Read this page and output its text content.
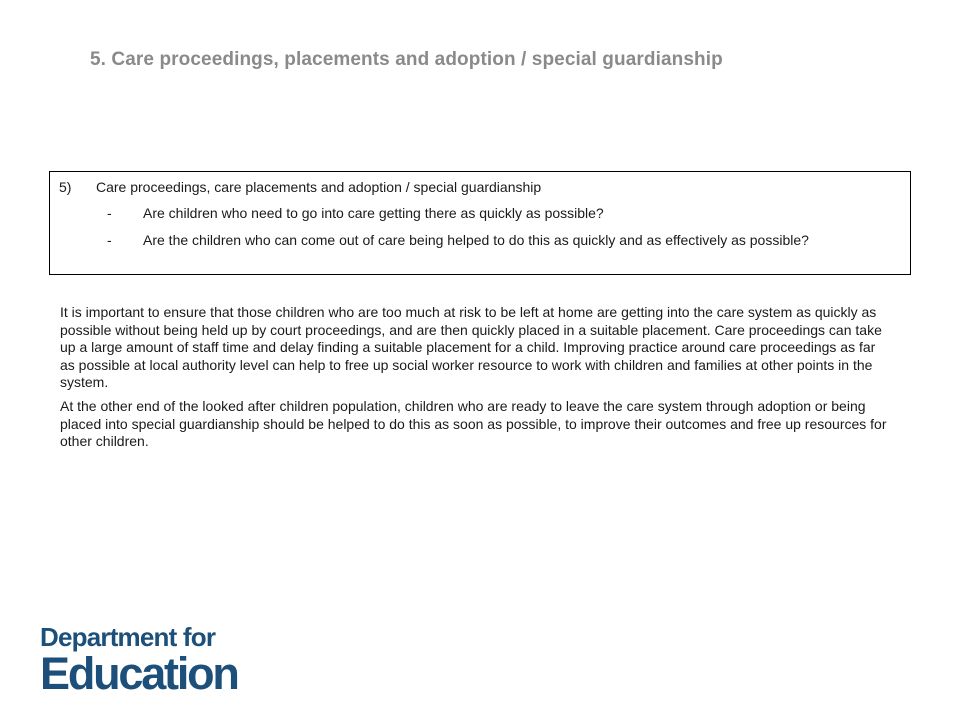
5. Care proceedings, placements and adoption / special guardianship
5) Care proceedings, care placements and adoption / special guardianship
- Are children who need to go into care getting there as quickly as possible?
- Are the children who can come out of care being helped to do this as quickly and as effectively as possible?

It is important to ensure that those children who are too much at risk to be left at home are getting into the care system as quickly as possible without being held up by court proceedings, and are then quickly placed in a suitable placement. Care proceedings can take up a large amount of staff time and delay finding a suitable placement for a child. Improving practice around care proceedings as far as possible at local authority level can help to free up social worker resource to work with children and families at other points in the system.

At the other end of the looked after children population, children who are ready to leave the care system through adoption or being placed into special guardianship should be helped to do this as soon as possible, to improve their outcomes and free up resources for other children.

Department for
Education
